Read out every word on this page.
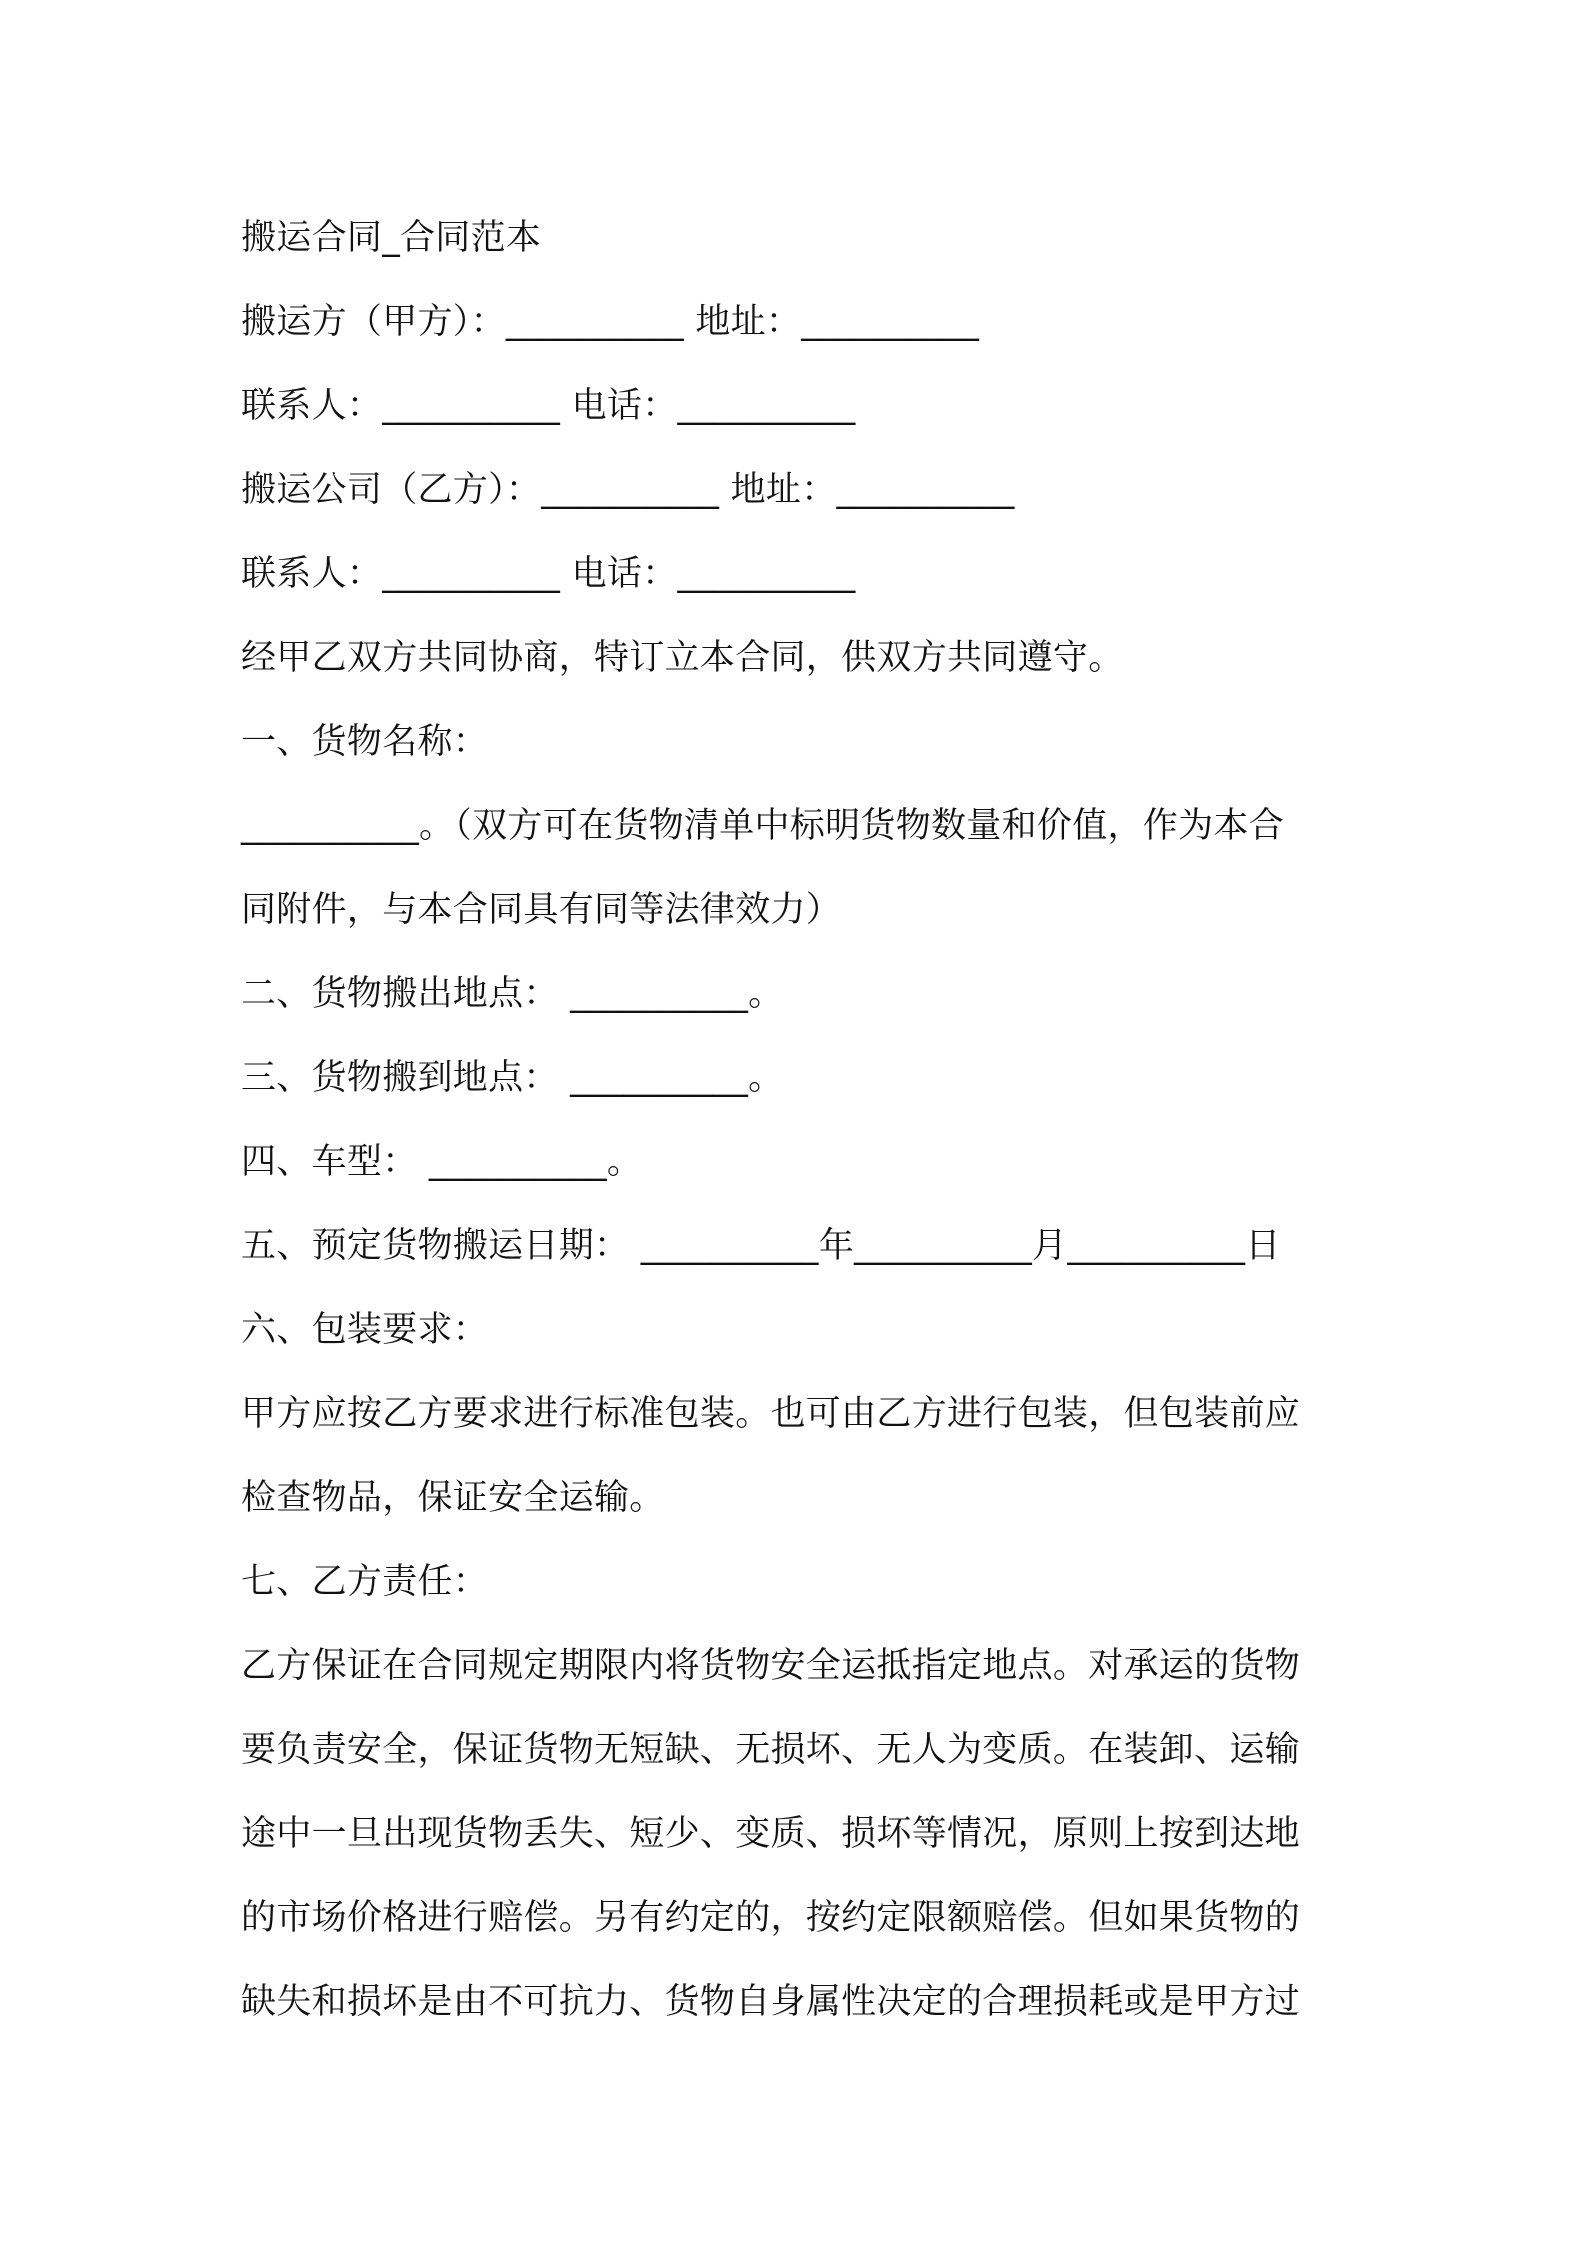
搬运合同_合同范本
搬运方（甲方）：__________ 地址：__________
联系人：__________ 电话：__________
搬运公司（乙方）：__________ 地址：__________
联系人：__________ 电话：__________
经甲乙双方共同协商，特订立本合同，供双方共同遵守。
一、货物名称：
__________。（双方可在货物清单中标明货物数量和价值，作为本合
同附件，与本合同具有同等法律效力）
二、货物搬出地点： __________。
三、货物搬到地点： __________。
四、车型： __________。
五、预定货物搬运日期： __________年__________月__________日
六、包装要求：
甲方应按乙方要求进行标准包装。也可由乙方进行包装，但包装前应
检查物品，保证安全运输。
七、乙方责任：
乙方保证在合同规定期限内将货物安全运抵指定地点。对承运的货物
要负责安全，保证货物无短缺、无损坏、无人为变质。在装卸、运输
途中一旦出现货物丢失、短少、变质、损坏等情况，原则上按到达地
的市场价格进行赔偿。另有约定的，按约定限额赔偿。但如果货物的
缺失和损坏是由不可抗力、货物自身属性决定的合理损耗或是甲方过
